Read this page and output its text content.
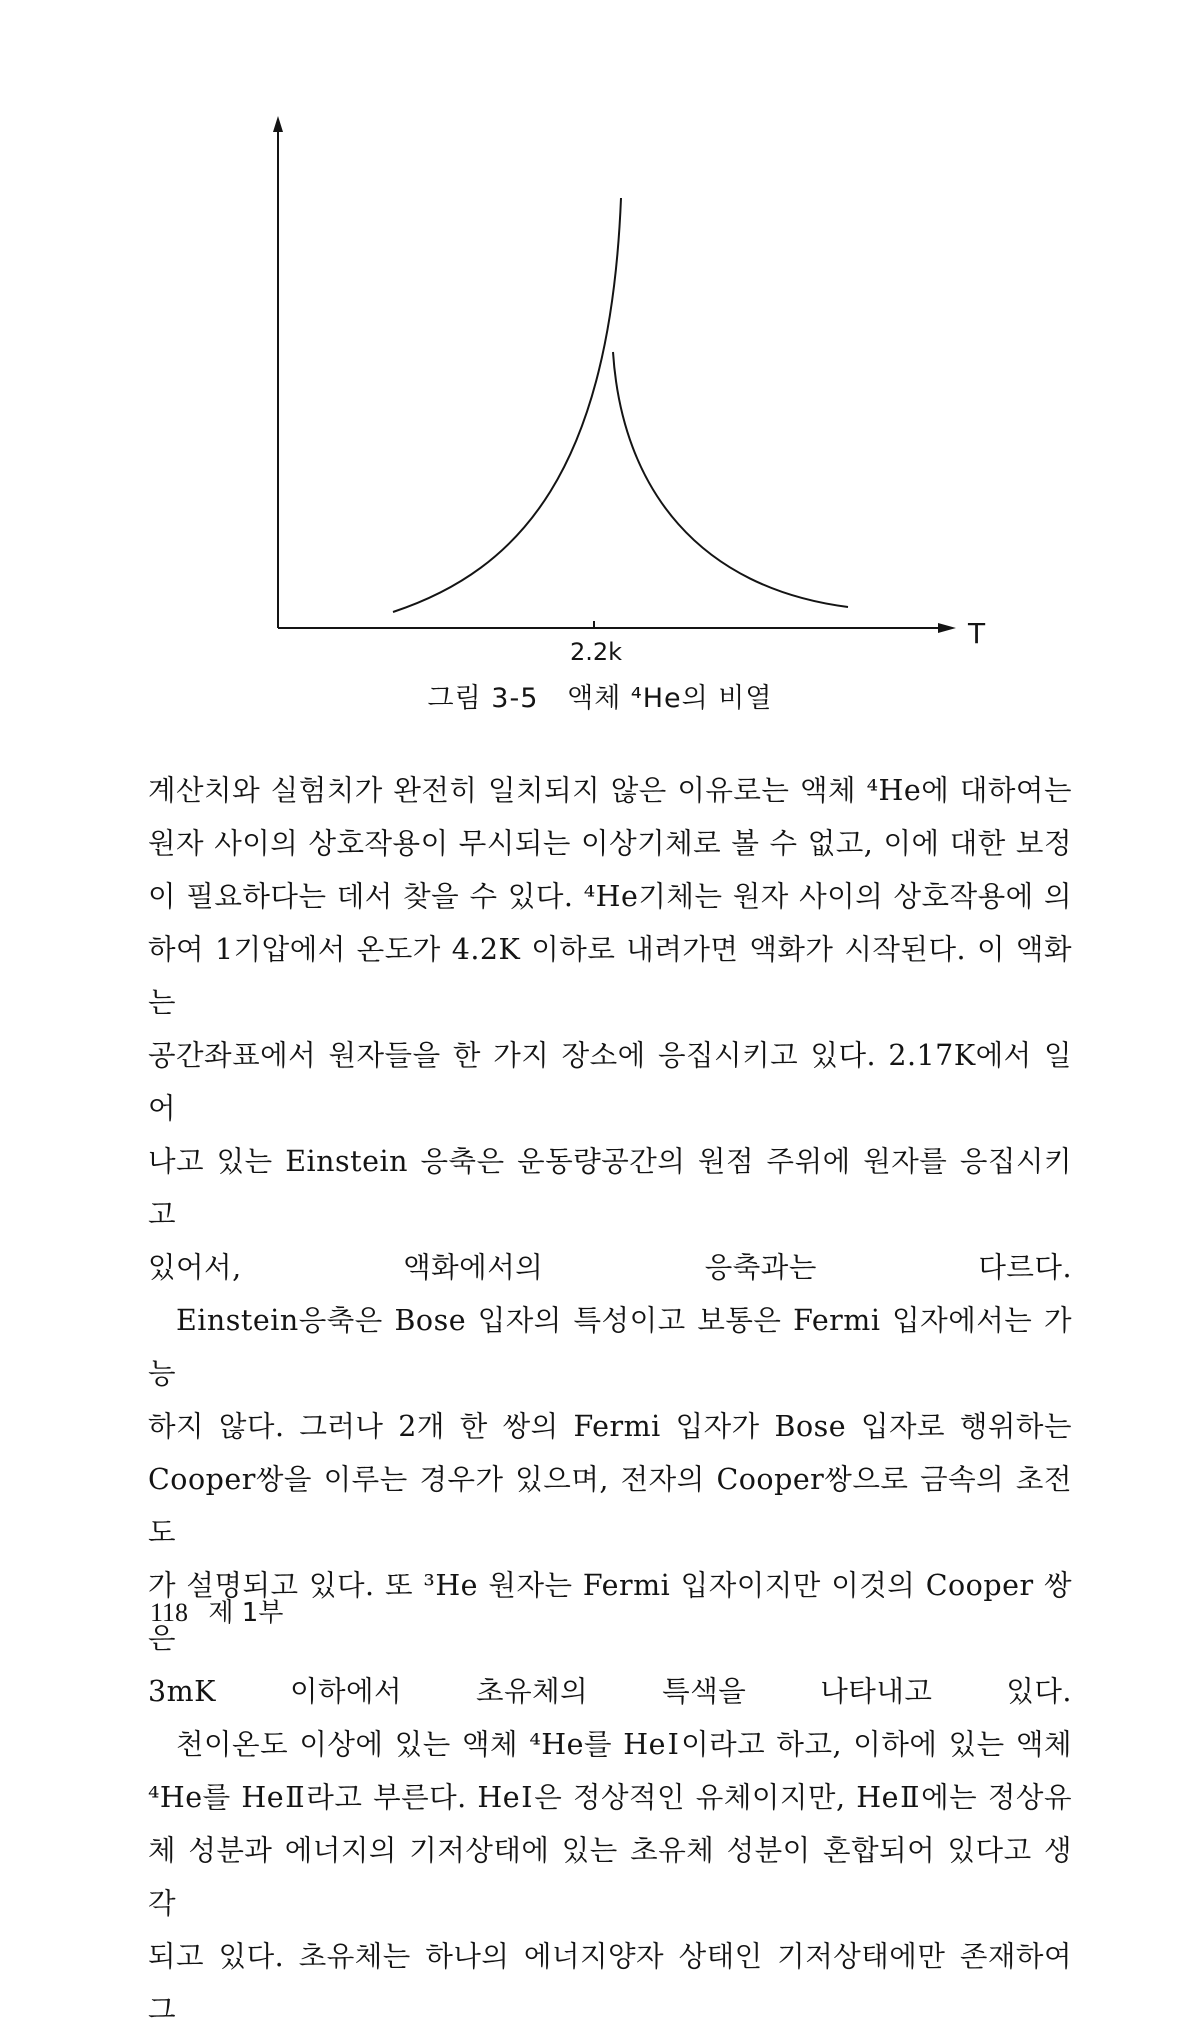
T
2.2k
그림 3-5 액체 ⁴He의 비열

계산치와 실험치가 완전히 일치되지 않은 이유로는 액체 ⁴He에 대하여는
원자 사이의 상호작용이 무시되는 이상기체로 볼 수 없고, 이에 대한 보정
이 필요하다는 데서 찾을 수 있다. ⁴He기체는 원자 사이의 상호작용에 의
하여 1기압에서 온도가 4.2K 이하로 내려가면 액화가 시작된다. 이 액화는
공간좌표에서 원자들을 한 가지 장소에 응집시키고 있다. 2.17K에서 일어
나고 있는 Einstein 응축은 운동량공간의 원점 주위에 원자를 응집시키고
있어서, 액화에서의 응축과는 다르다.

Einstein응축은 Bose 입자의 특성이고 보통은 Fermi 입자에서는 가능
하지 않다. 그러나 2개 한 쌍의 Fermi 입자가 Bose 입자로 행위하는
Cooper쌍을 이루는 경우가 있으며, 전자의 Cooper쌍으로 금속의 초전도
가 설명되고 있다. 또 ³He 원자는 Fermi 입자이지만 이것의 Cooper 쌍은
3mK 이하에서 초유체의 특색을 나타내고 있다.

천이온도 이상에 있는 액체 ⁴He를 HeⅠ이라고 하고, 이하에 있는 액체
⁴He를 HeⅡ라고 부른다. HeⅠ은 정상적인 유체이지만, HeⅡ에는 정상유
체 성분과 에너지의 기저상태에 있는 초유체 성분이 혼합되어 있다고 생각
되고 있다. 초유체는 하나의 에너지양자 상태인 기저상태에만 존재하여 그

118 제 1부
